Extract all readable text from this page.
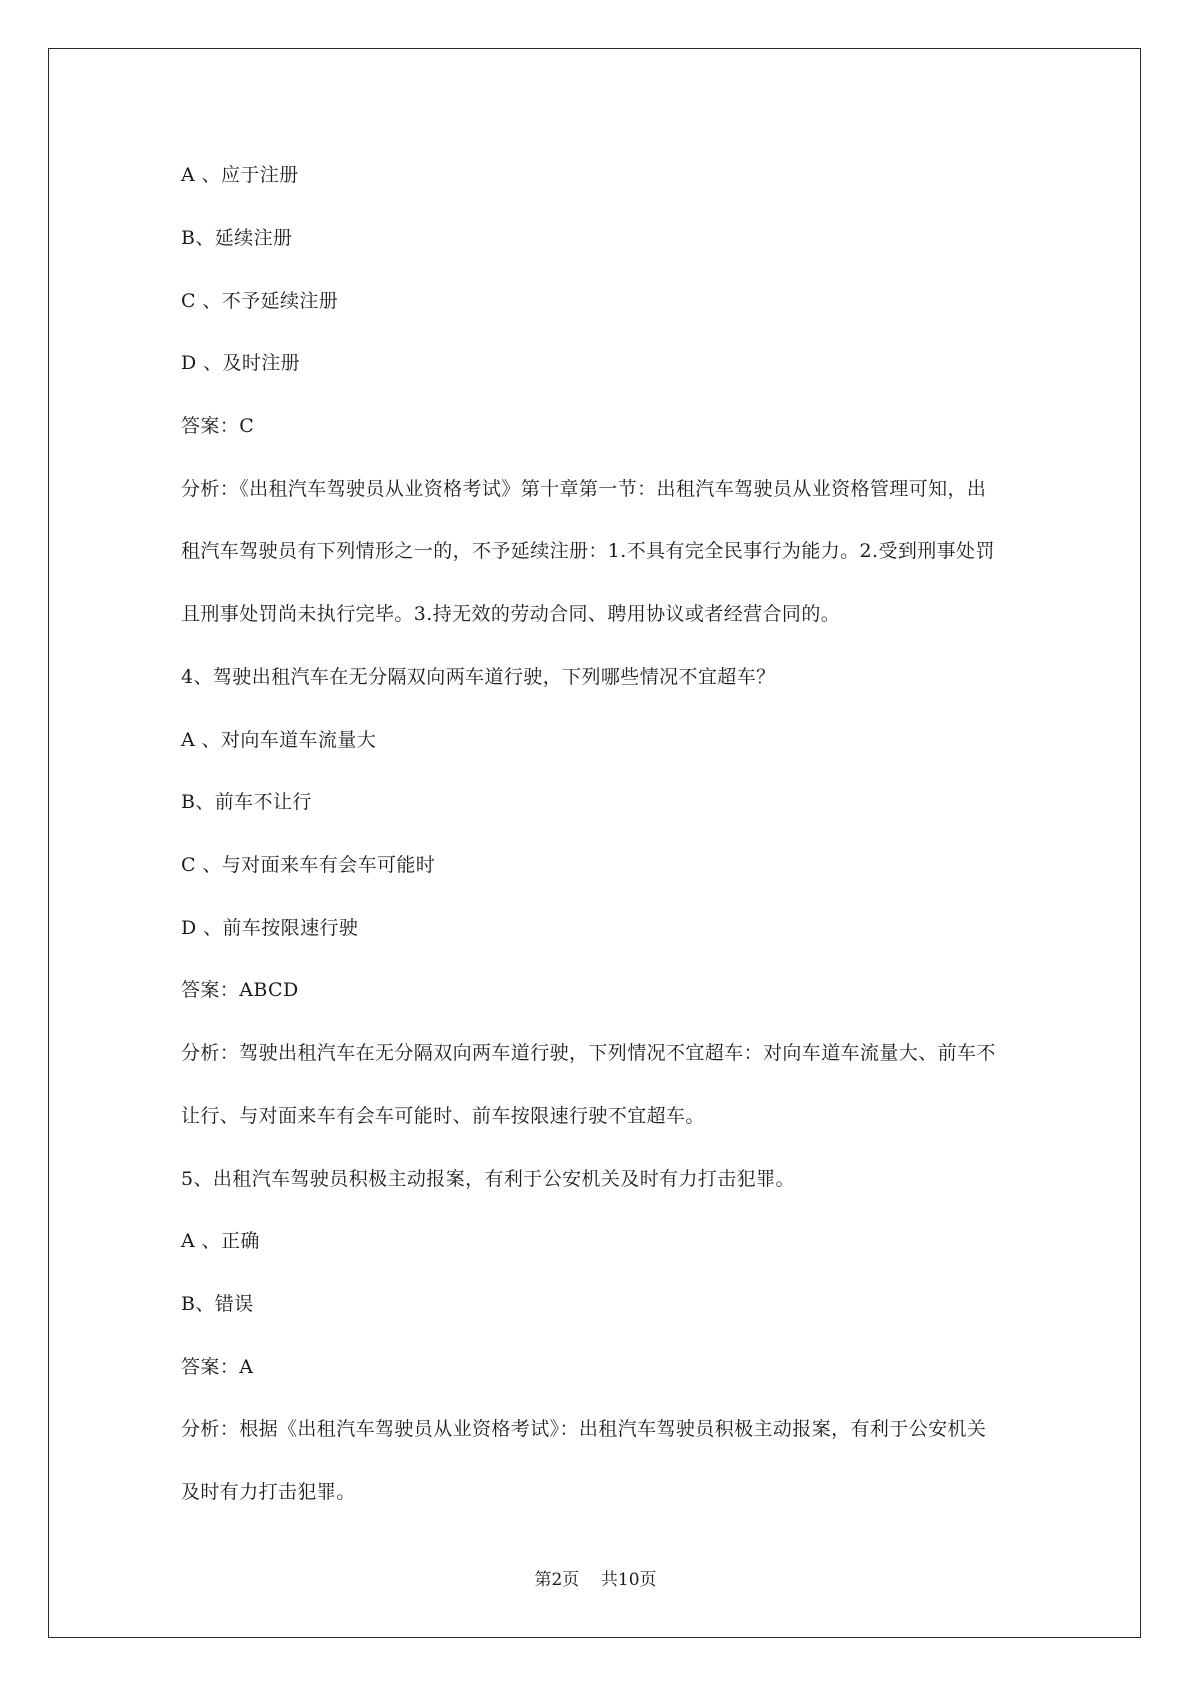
A 、应于注册
B、延续注册
C 、不予延续注册
D 、及时注册
答案：C
分析：《出租汽车驾驶员从业资格考试》第十章第一节：出租汽车驾驶员从业资格管理可知，出
租汽车驾驶员有下列情形之一的，不予延续注册：1.不具有完全民事行为能力。2.受到刑事处罚
且刑事处罚尚未执行完毕。3.持无效的劳动合同、聘用协议或者经营合同的。
4、驾驶出租汽车在无分隔双向两车道行驶，下列哪些情况不宜超车？
A 、对向车道车流量大
B、前车不让行
C 、与对面来车有会车可能时
D 、前车按限速行驶
答案：ABCD
分析：驾驶出租汽车在无分隔双向两车道行驶，下列情况不宜超车：对向车道车流量大、前车不
让行、与对面来车有会车可能时、前车按限速行驶不宜超车。
5、出租汽车驾驶员积极主动报案，有利于公安机关及时有力打击犯罪。
A 、正确
B、错误
答案：A
分析：根据《出租汽车驾驶员从业资格考试》：出租汽车驾驶员积极主动报案，有利于公安机关
及时有力打击犯罪。
第2页    共10页
